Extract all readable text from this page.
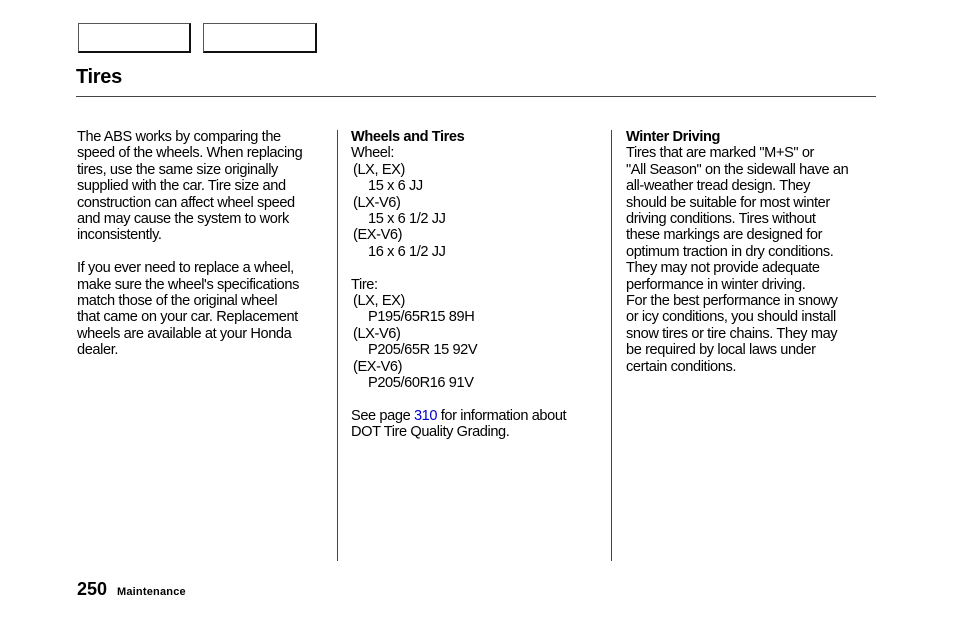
Tires
The ABS works by comparing the
speed of the wheels. When replacing
tires, use the same size originally
supplied with the car. Tire size and
construction can affect wheel speed
and may cause the system to work
inconsistently.
If you ever need to replace a wheel,
make sure the wheel's specifications
match those of the original wheel
that came on your car. Replacement
wheels are available at your Honda
dealer.
Wheels and Tires
Wheel:
(LX, EX)
15 x 6 JJ
(LX-V6)
15 x 6 1/2 JJ
(EX-V6)
16 x 6 1/2 JJ
Tire:
(LX, EX)
P195/65R15 89H
(LX-V6)
P205/65R 15 92V
(EX-V6)
P205/60R16 91V
See page 310 for information about
DOT Tire Quality Grading.
Winter Driving
Tires that are marked "M+S" or
"All Season" on the sidewall have an
all-weather tread design. They
should be suitable for most winter
driving conditions. Tires without
these markings are designed for
optimum traction in dry conditions.
They may not provide adequate
performance in winter driving.
For the best performance in snowy
or icy conditions, you should install
snow tires or tire chains. They may
be required by local laws under
certain conditions.
250 Maintenance
